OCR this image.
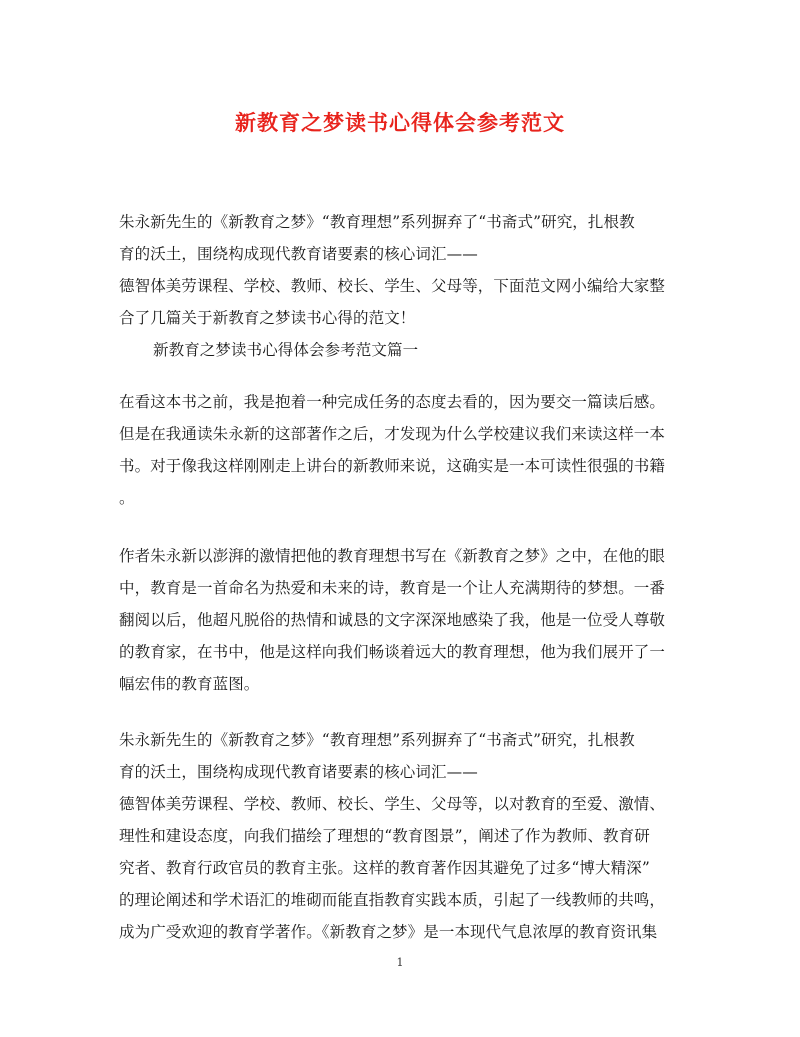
新教育之梦读书心得体会参考范文
朱永新先生的《新教育之梦》“教育理想”系列摒弃了“书斋式”研究，扎根教
育的沃土，围绕构成现代教育诸要素的核心词汇——
德智体美劳课程、学校、教师、校长、学生、父母等，下面范文网小编给大家整
合了几篇关于新教育之梦读书心得的范文！
新教育之梦读书心得体会参考范文篇一
在看这本书之前，我是抱着一种完成任务的态度去看的，因为要交一篇读后感。
但是在我通读朱永新的这部著作之后，才发现为什么学校建议我们来读这样一本
书。对于像我这样刚刚走上讲台的新教师来说，这确实是一本可读性很强的书籍
。
作者朱永新以澎湃的激情把他的教育理想书写在《新教育之梦》之中，在他的眼
中，教育是一首命名为热爱和未来的诗，教育是一个让人充满期待的梦想。一番
翻阅以后，他超凡脱俗的热情和诚恳的文字深深地感染了我，他是一位受人尊敬
的教育家，在书中，他是这样向我们畅谈着远大的教育理想，他为我们展开了一
幅宏伟的教育蓝图。
朱永新先生的《新教育之梦》“教育理想”系列摒弃了“书斋式”研究，扎根教
育的沃土，围绕构成现代教育诸要素的核心词汇——
德智体美劳课程、学校、教师、校长、学生、父母等，以对教育的至爱、激情、
理性和建设态度，向我们描绘了理想的“教育图景”，阐述了作为教师、教育研
究者、教育行政官员的教育主张。这样的教育著作因其避免了过多“博大精深”
的理论阐述和学术语汇的堆砌而能直指教育实践本质，引起了一线教师的共鸣，
成为广受欢迎的教育学著作。《新教育之梦》是一本现代气息浓厚的教育资讯集
1
